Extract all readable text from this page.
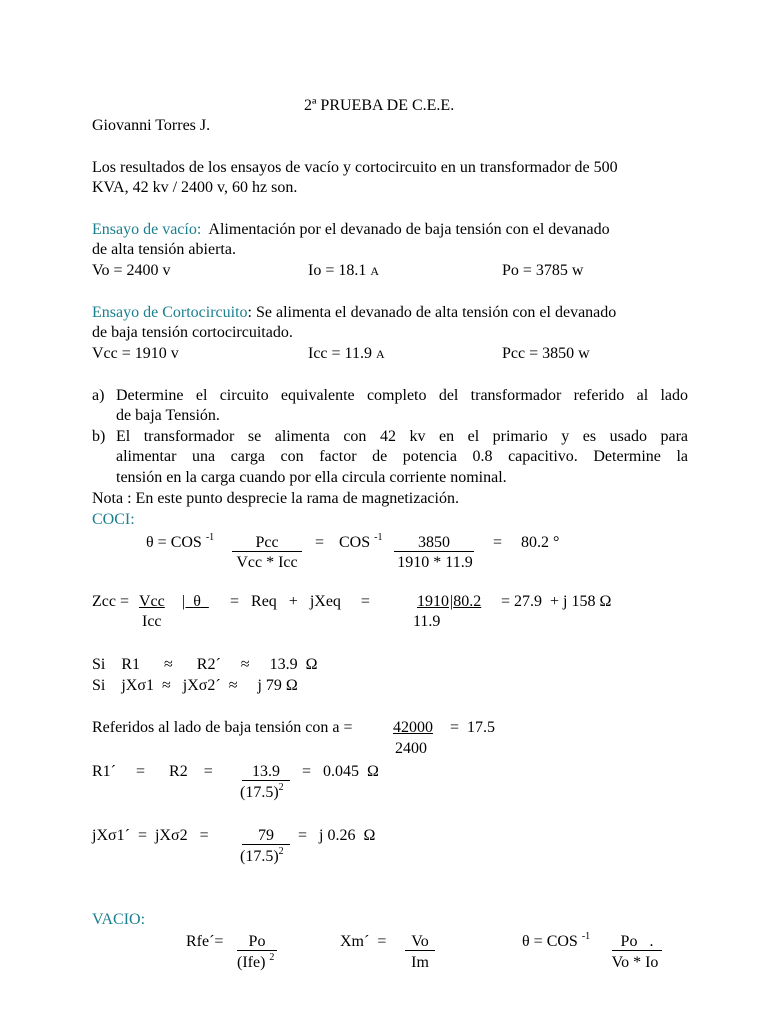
2ª PRUEBA DE C.E.E.
Giovanni Torres J.
Los resultados de los ensayos de vacío y cortocircuito en un transformador de 500
KVA, 42 kv / 2400 v, 60 hz son.
Ensayo de vacío: Alimentación por el devanado de baja tensión con el devanado
de alta tensión abierta.
Vo = 2400 v	Io = 18.1 A	Po = 3785 w
Ensayo de Cortocircuito: Se alimenta el devanado de alta tensión con el devanado
de baja tensión cortocircuitado.
Vcc = 1910 v	Icc = 11.9 A	Pcc = 3850 w
a) Determine el circuito equivalente completo del transformador referido al lado
de baja Tensión.
b) El transformador se alimenta con 42 kv en el primario y es usado para
alimentar una carga con factor de potencia 0.8 capacitivo. Determine la
tensión en la carga cuando por ella circula corriente nominal.
Nota : En este punto desprecie la rama de magnetización.
COCI:
θ = COS $^{-1}$	Pcc
Vcc * Icc
= COS $^{-1}$	3850
1910 * 11.9
= 80.2 °
Zcc = Vcc
Icc
|  θ	=   Req   +   jXeq     =	1910 |80.2
11.9
= 27.9  + j 158 Ω
Si    R1      ≈      R2´     ≈     13.9  Ω
Si    jXσ1  ≈   jXσ2´  ≈     j 79 Ω
Referidos al lado de baja tensión con a =	42000
2400
=  17.5
R1´     =      R2    =	13.9
$(17.5)^2$
=   0.045  Ω
jXσ1´  =  jXσ2   =	79
$(17.5)^2$
=   j 0.26  Ω
VACIO:
Rfe´=	Po
(Ife) $^2$
Xm´  =	Vo
Im
θ = COS $^{-1}$	Po   .
Vo * Io
